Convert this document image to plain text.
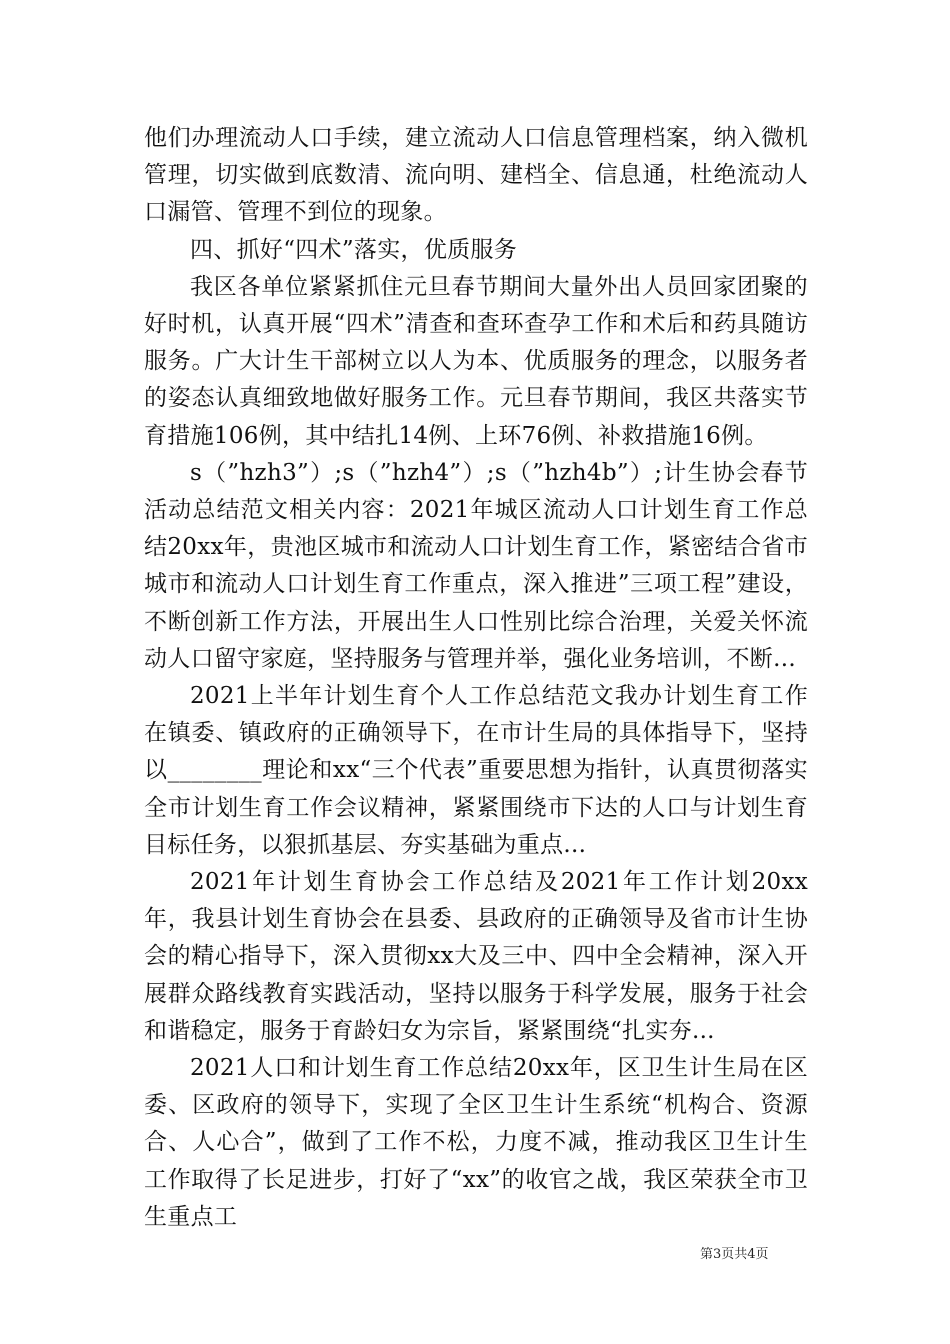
他们办理流动人口手续，建立流动人口信息管理档案，纳入微机管理，切实做到底数清、流向明、建档全、信息通，杜绝流动人口漏管、管理不到位的现象。

四、抓好“四术”落实，优质服务

我区各单位紧紧抓住元旦春节期间大量外出人员回家团聚的好时机，认真开展“四术”清查和查环查孕工作和术后和药具随访服务。广大计生干部树立以人为本、优质服务的理念，以服务者的姿态认真细致地做好服务工作。元旦春节期间，我区共落实节育措施106例，其中结扎14例、上环76例、补救措施16例。

s（”hzh3”）;s（”hzh4”）;s（”hzh4b”）;计生协会春节活动总结范文相关内容：2021年城区流动人口计划生育工作总结20xx年，贵池区城市和流动人口计划生育工作，紧密结合省市城市和流动人口计划生育工作重点，深入推进”三项工程”建设，不断创新工作方法，开展出生人口性别比综合治理，关爱关怀流动人口留守家庭，坚持服务与管理并举，强化业务培训，不断...

2021上半年计划生育个人工作总结范文我办计划生育工作在镇委、镇政府的正确领导下，在市计生局的具体指导下，坚持以________理论和xx“三个代表”重要思想为指针，认真贯彻落实全市计划生育工作会议精神，紧紧围绕市下达的人口与计划生育目标任务，以狠抓基层、夯实基础为重点...

2021年计划生育协会工作总结及2021年工作计划20xx年，我县计划生育协会在县委、县政府的正确领导及省市计生协会的精心指导下，深入贯彻xx大及三中、四中全会精神，深入开展群众路线教育实践活动，坚持以服务于科学发展，服务于社会和谐稳定，服务于育龄妇女为宗旨，紧紧围绕“扎实夯...

2021人口和计划生育工作总结20xx年，区卫生计生局在区委、区政府的领导下，实现了全区卫生计生系统“机构合、资源合、人心合”，做到了工作不松，力度不减，推动我区卫生计生工作取得了长足进步，打好了“xx”的收官之战，我区荣获全市卫生重点工

第3页共4页
